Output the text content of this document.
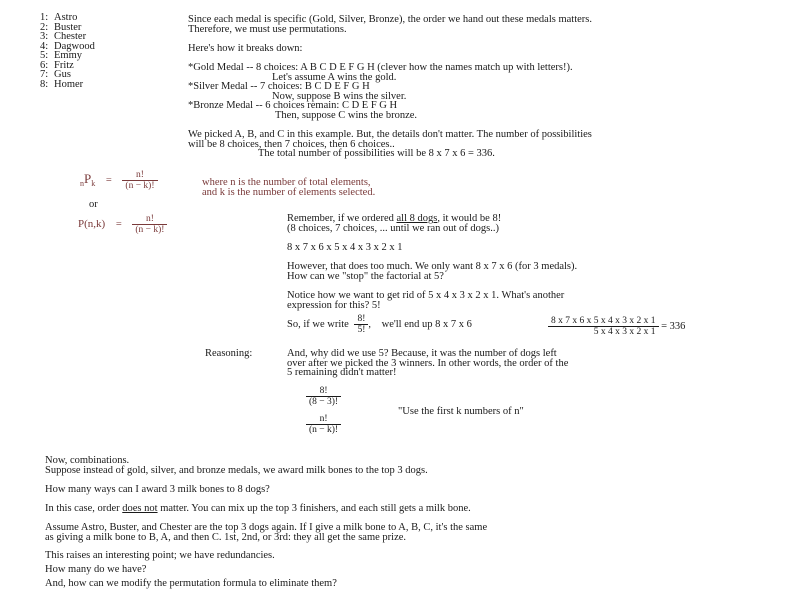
1: Astro
2: Buster
3: Chester
4: Dagwood
5: Emmy
6: Fritz
7: Gus
8: Homer
Since each medal is specific (Gold, Silver, Bronze), the order we hand out these medals matters.
Therefore, we must use permutations.
Here's how it breaks down:
*Gold Medal -- 8 choices: A B C D E F G H (clever how the names match up with letters!).
Let's assume A wins the gold.
*Silver Medal -- 7 choices: B C D E F G H
Now, suppose B wins the silver.
*Bronze Medal -- 6 choices remain: C D E F G H
Then, suppose C wins the bronze.
We picked A, B, and C in this example. But, the details don't matter. The number of possibilities
will be 8 choices, then 7 choices, then 6 choices..
The total number of possibilities will be 8 x 7 x 6 = 336.
$_nP_k = \frac{n!}{(n - k)!}$	where n is the number of total elements,
and k is the number of elements selected.
or
$P(n,k) = \frac{n!}{(n - k)!}$	Remember, if we ordered all 8 dogs, it would be 8!
(8 choices, 7 choices, ... until we ran out of dogs..)
8 x 7 x 6 x 5 x 4 x 3 x 2 x 1
However, that does too much. We only want 8 x 7 x 6 (for 3 medals).
How can we "stop" the factorial at 5?
Notice how we want to get rid of 5 x 4 x 3 x 2 x 1. What's another
expression for this? 5!
So, if we write $\frac{8!}{5!}$ , we'll end up 8 x 7 x 6	$\frac{8 x 7 x 6 x 5 x 4 x 3 x 2 x 1}{5 x 4 x 3 x 2 x 1} = 336$
Reasoning:	And, why did we use 5? Because, it was the number of dogs left
over after we picked the 3 winners. In other words, the order of the
5 remaining didn't matter!
$\frac{8!}{(8 - 3)!}$
"Use the first k numbers of n"
$\frac{n!}{(n - k)!}$
Now, combinations.
Suppose instead of gold, silver, and bronze medals, we award milk bones to the top 3 dogs.
How many ways can I award 3 milk bones to 8 dogs?
In this case, order does not matter. You can mix up the top 3 finishers, and each still gets a milk bone.
Assume Astro, Buster, and Chester are the top 3 dogs again. If I give a milk bone to A, B, C, it's the same
as giving a milk bone to B, A, and then C. 1st, 2nd, or 3rd: they all get the same prize.
This raises an interesting point; we have redundancies.
How many do we have?
And, how can we modify the permutation formula to eliminate them?
